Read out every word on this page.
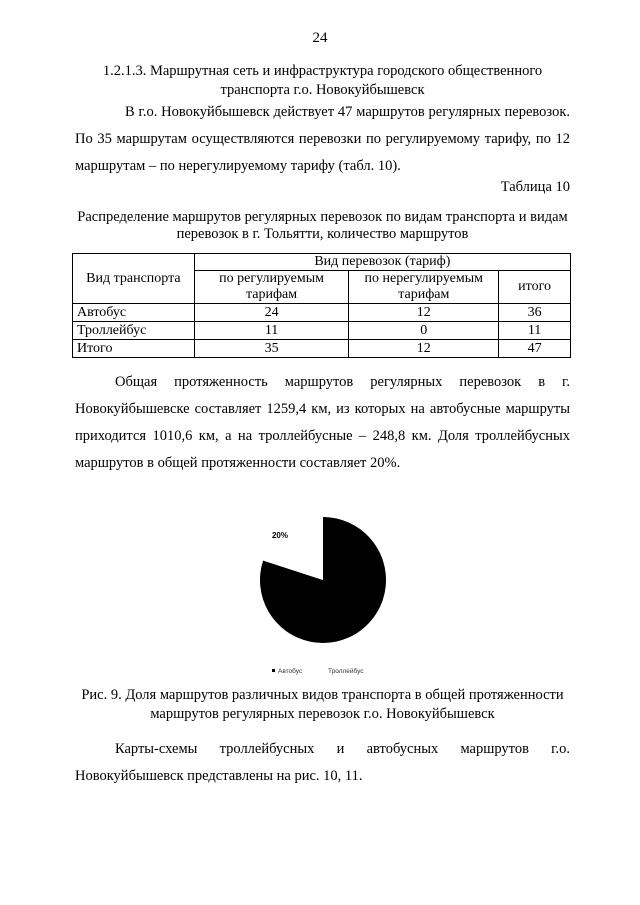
24
1.2.1.3. Маршрутная сеть и инфраструктура городского общественного транспорта г.о. Новокуйбышевск
В г.о. Новокуйбышевск действует 47 маршрутов регулярных перевозок. По 35 маршрутам осуществляются перевозки по регулируемому тарифу, по 12 маршрутам – по нерегулируемому тарифу (табл. 10).
Таблица 10
Распределение маршрутов регулярных перевозок по видам транспорта и видам перевозок в г. Тольятти, количество маршрутов
Вид транспорта	Вид перевозок (тариф)		
	по регулируемым тарифам	по нерегулируемым тарифам	итого
Автобус	24	12	36
Троллейбус	11	0	11
Итого	35	12	47
Общая протяженность маршрутов регулярных перевозок в г. Новокуйбышевске составляет 1259,4 км, из которых на автобусные маршруты приходится 1010,6 км, а на троллейбусные – 248,8 км. Доля троллейбусных маршрутов в общей протяженности составляет 20%.
20%
Автобус	Троллейбус
Рис. 9. Доля маршрутов различных видов транспорта в общей протяженности маршрутов регулярных перевозок г.о. Новокуйбышевск
Карты-схемы троллейбусных и автобусных маршрутов г.о. Новокуйбышевск представлены на рис. 10, 11.
